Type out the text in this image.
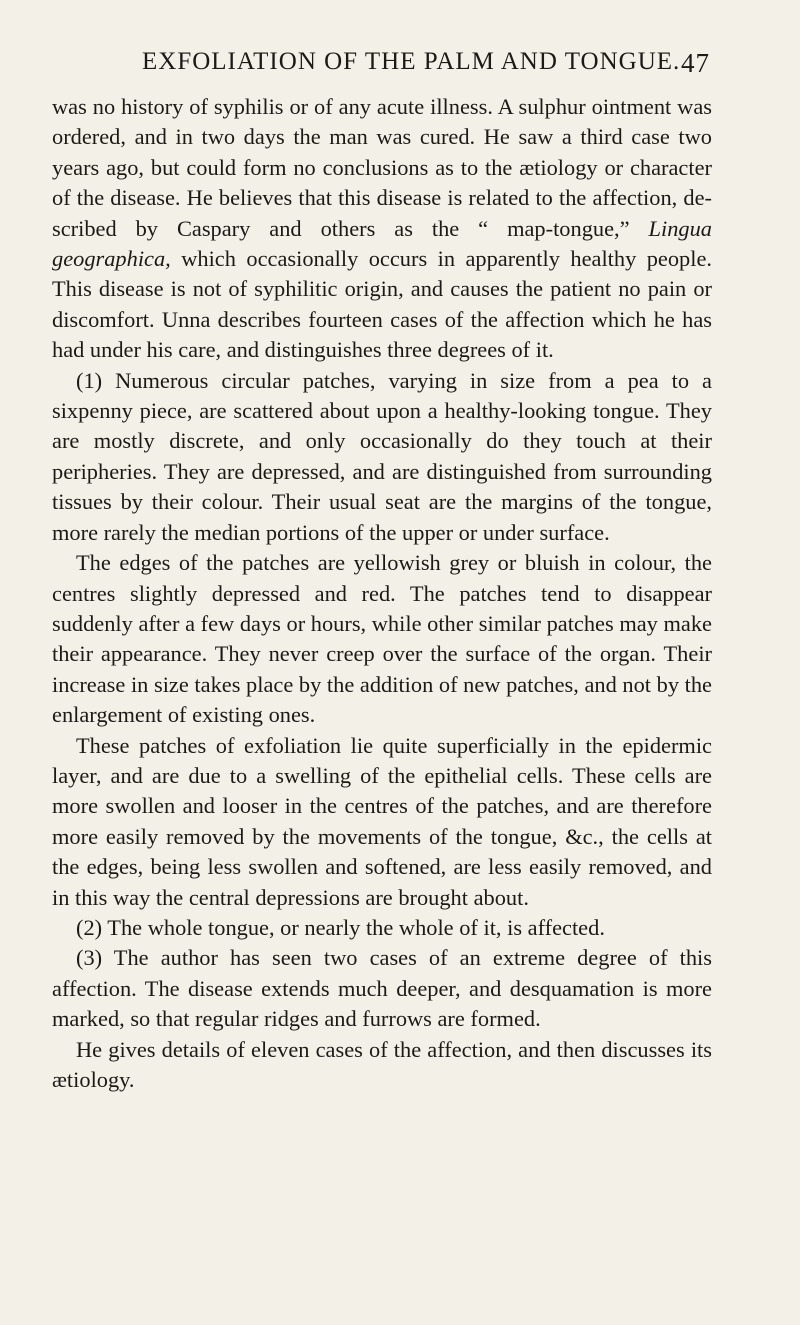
EXFOLIATION OF THE PALM AND TONGUE. 47

was no history of syphilis or of any acute illness. A sulphur ointment was ordered, and in two days the man was cured. He saw a third case two years ago, but could form no conclusions as to the ætiology or character of the disease. He believes that this disease is related to the affection, described by Caspary and others as the “ map-tongue,” Lingua geographica, which occasionally occurs in apparently healthy people. This disease is not of syphilitic origin, and causes the patient no pain or discomfort. Unna describes fourteen cases of the affection which he has had under his care, and distinguishes three degrees of it.

(1) Numerous circular patches, varying in size from a pea to a sixpenny piece, are scattered about upon a healthy-looking tongue. They are mostly discrete, and only occasionally do they touch at their peripheries. They are depressed, and are distinguished from surrounding tissues by their colour. Their usual seat are the margins of the tongue, more rarely the median portions of the upper or under surface.

The edges of the patches are yellowish grey or bluish in colour, the centres slightly depressed and red. The patches tend to disappear suddenly after a few days or hours, while other similar patches may make their appearance. They never creep over the surface of the organ. Their increase in size takes place by the addition of new patches, and not by the enlargement of existing ones.

These patches of exfoliation lie quite superficially in the epidermic layer, and are due to a swelling of the epithelial cells. These cells are more swollen and looser in the centres of the patches, and are therefore more easily removed by the movements of the tongue, &c., the cells at the edges, being less swollen and softened, are less easily removed, and in this way the central depressions are brought about.

(2) The whole tongue, or nearly the whole of it, is affected.

(3) The author has seen two cases of an extreme degree of this affection. The disease extends much deeper, and desquamation is more marked, so that regular ridges and furrows are formed.

He gives details of eleven cases of the affection, and then discusses its ætiology.
